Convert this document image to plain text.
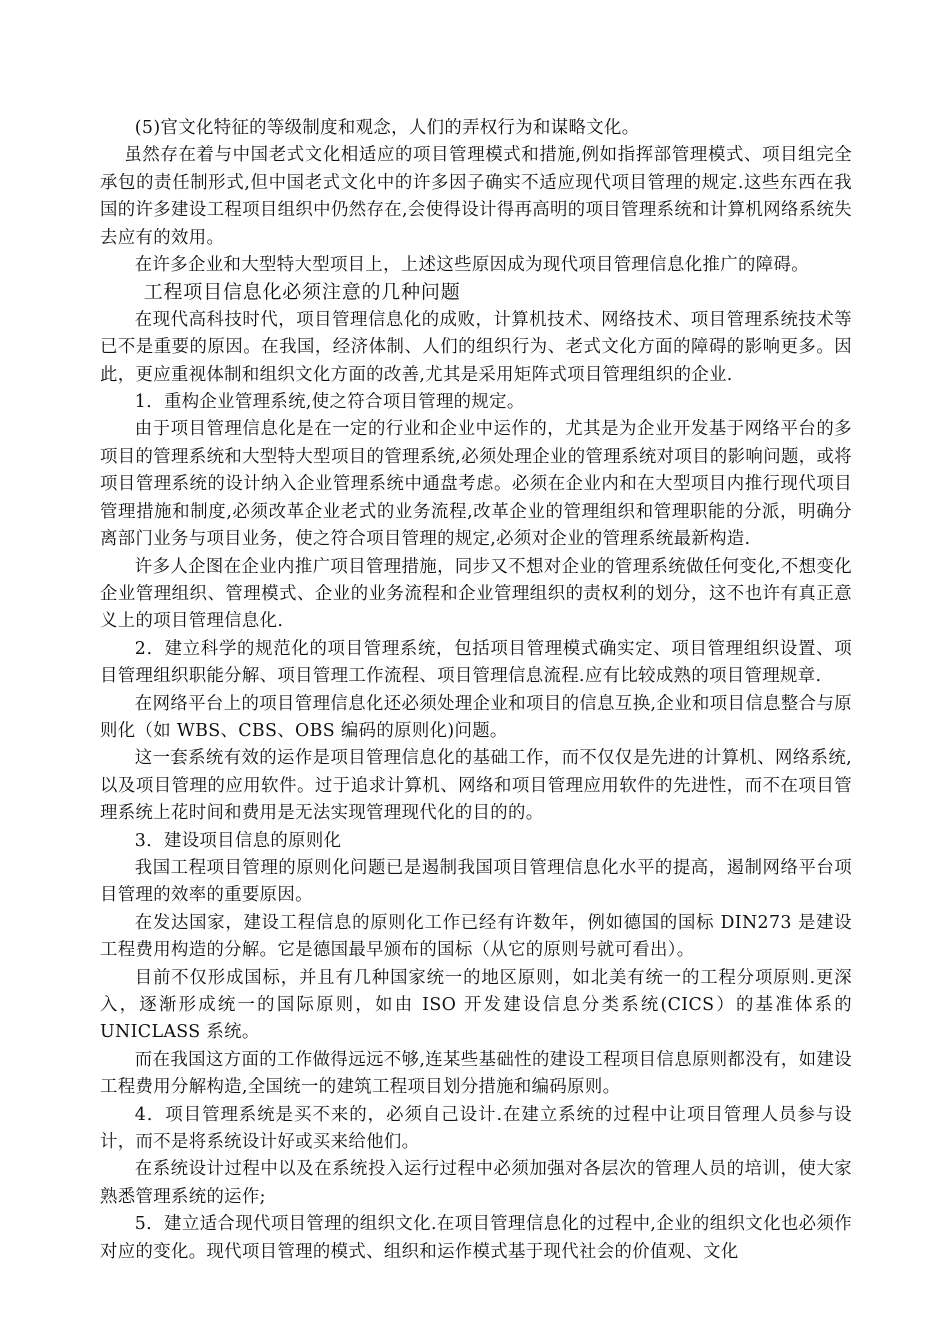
(5)官文化特征的等级制度和观念，人们的弄权行为和谋略文化。

虽然存在着与中国老式文化相适应的项目管理模式和措施,例如指挥部管理模式、项目组完全承包的责任制形式,但中国老式文化中的许多因子确实不适应现代项目管理的规定.这些东西在我国的许多建设工程项目组织中仍然存在,会使得设计得再高明的项目管理系统和计算机网络系统失去应有的效用。

在许多企业和大型特大型项目上，上述这些原因成为现代项目管理信息化推广的障碍。

工程项目信息化必须注意的几种问题

在现代高科技时代，项目管理信息化的成败，计算机技术、网络技术、项目管理系统技术等已不是重要的原因。在我国，经济体制、人们的组织行为、老式文化方面的障碍的影响更多。因此，更应重视体制和组织文化方面的改善,尤其是采用矩阵式项目管理组织的企业.

1．重构企业管理系统,使之符合项目管理的规定。

由于项目管理信息化是在一定的行业和企业中运作的，尤其是为企业开发基于网络平台的多项目的管理系统和大型特大型项目的管理系统,必须处理企业的管理系统对项目的影响问题，或将项目管理系统的设计纳入企业管理系统中通盘考虑。必须在企业内和在大型项目内推行现代项目管理措施和制度,必须改革企业老式的业务流程,改革企业的管理组织和管理职能的分派，明确分离部门业务与项目业务，使之符合项目管理的规定,必须对企业的管理系统最新构造.

许多人企图在企业内推广项目管理措施，同步又不想对企业的管理系统做任何变化,不想变化企业管理组织、管理模式、企业的业务流程和企业管理组织的责权利的划分，这不也许有真正意义上的项目管理信息化.

2．建立科学的规范化的项目管理系统，包括项目管理模式确实定、项目管理组织设置、项目管理组织职能分解、项目管理工作流程、项目管理信息流程.应有比较成熟的项目管理规章.

在网络平台上的项目管理信息化还必须处理企业和项目的信息互换,企业和项目信息整合与原则化（如 WBS、CBS、OBS 编码的原则化)问题。

这一套系统有效的运作是项目管理信息化的基础工作，而不仅仅是先进的计算机、网络系统,以及项目管理的应用软件。过于追求计算机、网络和项目管理应用软件的先进性，而不在项目管理系统上花时间和费用是无法实现管理现代化的目的的。

3．建设项目信息的原则化

我国工程项目管理的原则化问题已是遏制我国项目管理信息化水平的提高，遏制网络平台项目管理的效率的重要原因。

在发达国家，建设工程信息的原则化工作已经有许数年，例如德国的国标 DIN273 是建设工程费用构造的分解。它是德国最早颁布的国标（从它的原则号就可看出）。

目前不仅形成国标，并且有几种国家统一的地区原则，如北美有统一的工程分项原则.更深入，逐渐形成统一的国际原则，如由 ISO 开发建设信息分类系统(CICS）的基准体系的 UNICLASS 系统。

而在我国这方面的工作做得远远不够,连某些基础性的建设工程项目信息原则都没有，如建设工程费用分解构造,全国统一的建筑工程项目划分措施和编码原则。

4．项目管理系统是买不来的，必须自己设计.在建立系统的过程中让项目管理人员参与设计，而不是将系统设计好或买来给他们。

在系统设计过程中以及在系统投入运行过程中必须加强对各层次的管理人员的培训，使大家熟悉管理系统的运作;

5．建立适合现代项目管理的组织文化.在项目管理信息化的过程中,企业的组织文化也必须作对应的变化。现代项目管理的模式、组织和运作模式基于现代社会的价值观、文化
